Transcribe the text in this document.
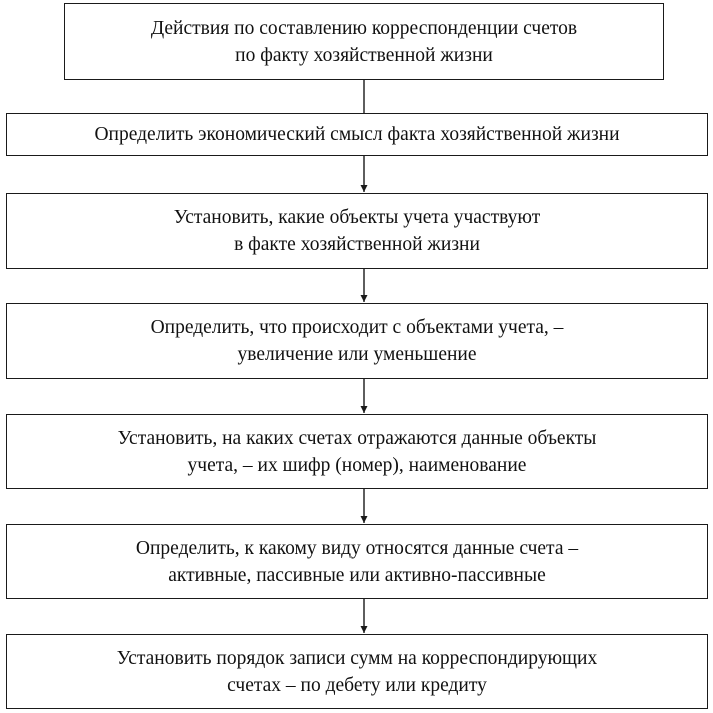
Действия по составлению корреспонденции счетов
по факту хозяйственной жизни
Определить экономический смысл факта хозяйственной жизни
Установить, какие объекты учета участвуют
в факте хозяйственной жизни
Определить, что происходит с объектами учета, –
увеличение или уменьшение
Установить, на каких счетах отражаются данные объекты
учета, – их шифр (номер), наименование
Определить, к какому виду относятся данные счета –
активные, пассивные или активно-пассивные
Установить порядок записи сумм на корреспондирующих
счетах – по дебету или кредиту
